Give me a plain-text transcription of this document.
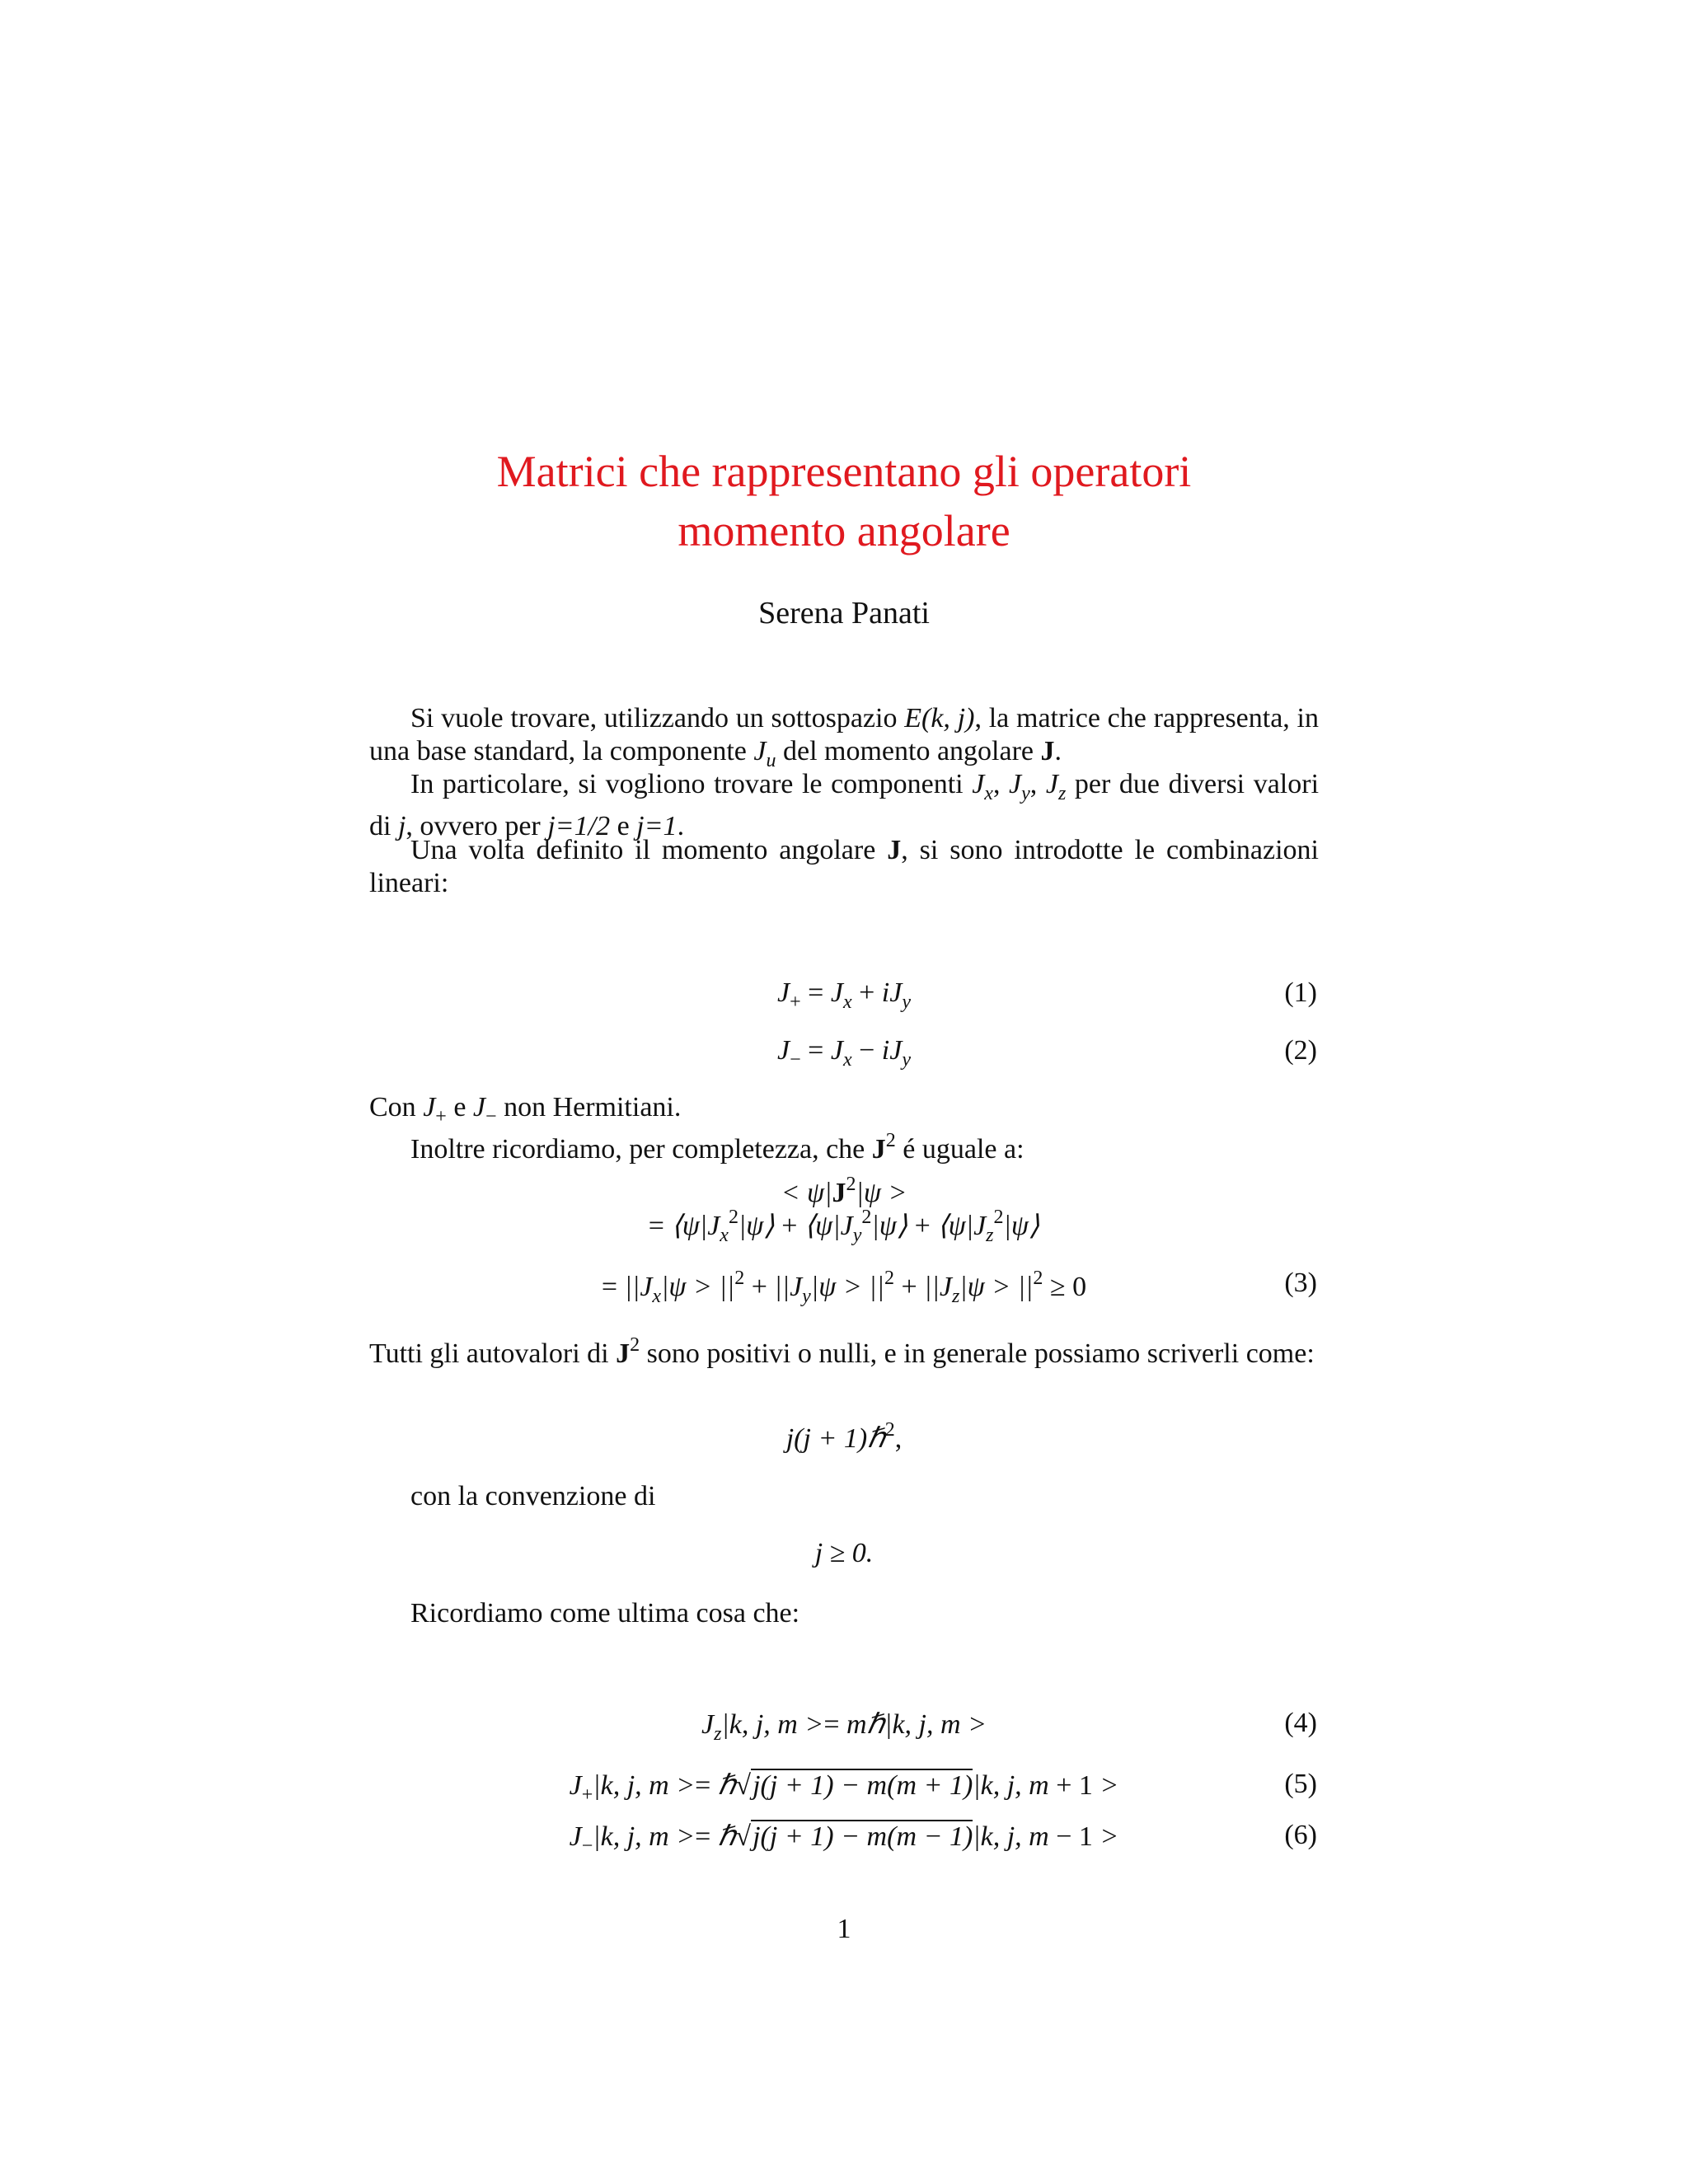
Matrici che rappresentano gli operatori
momento angolare
Serena Panati
Si vuole trovare, utilizzando un sottospazio E(k, j), la matrice che rappresenta, in una base standard, la componente $J_u$ del momento angolare J.
In particolare, si vogliono trovare le componenti $J_x$, $J_y$, $J_z$ per due diversi valori di j, ovvero per j=1/2 e j=1.
Una volta definito il momento angolare J, si sono introdotte le combinazioni lineari:
$J_+ = J_x + iJ_y$	(1)
$J_- = J_x - iJ_y$	(2)
Con $J_+$ e $J_-$ non Hermitiani.
Inoltre ricordiamo, per completezza, che $J^2$ é uguale a:
< $\psi|J^2|\psi$ >
= $⟨\psi|J_x^2|\psi⟩$ + $⟨\psi|J_y^2|\psi⟩$ + $⟨\psi|J_z^2|\psi⟩$
= $||J_x|\psi > ||^2 + ||J_y|\psi > ||^2 + ||J_z|\psi > ||^2 \ge 0$	(3)
Tutti gli autovalori di $J^2$ sono positivi o nulli, e in generale possiamo scriverli come:
j(j + 1)ℏ$^2$,
con la convenzione di
j ≥ 0.
Ricordiamo come ultima cosa che:
$J_z|k$, j, m >= mℏ|k, j, m >	(4)
$J_+|k$, j, m >= ℏ√j(j + 1) − m(m + 1)|k, j, m + 1 >	(5)
$J_-|k$, j, m >= ℏ√j(j + 1) − m(m − 1)|k, j, m − 1 >	(6)
1
